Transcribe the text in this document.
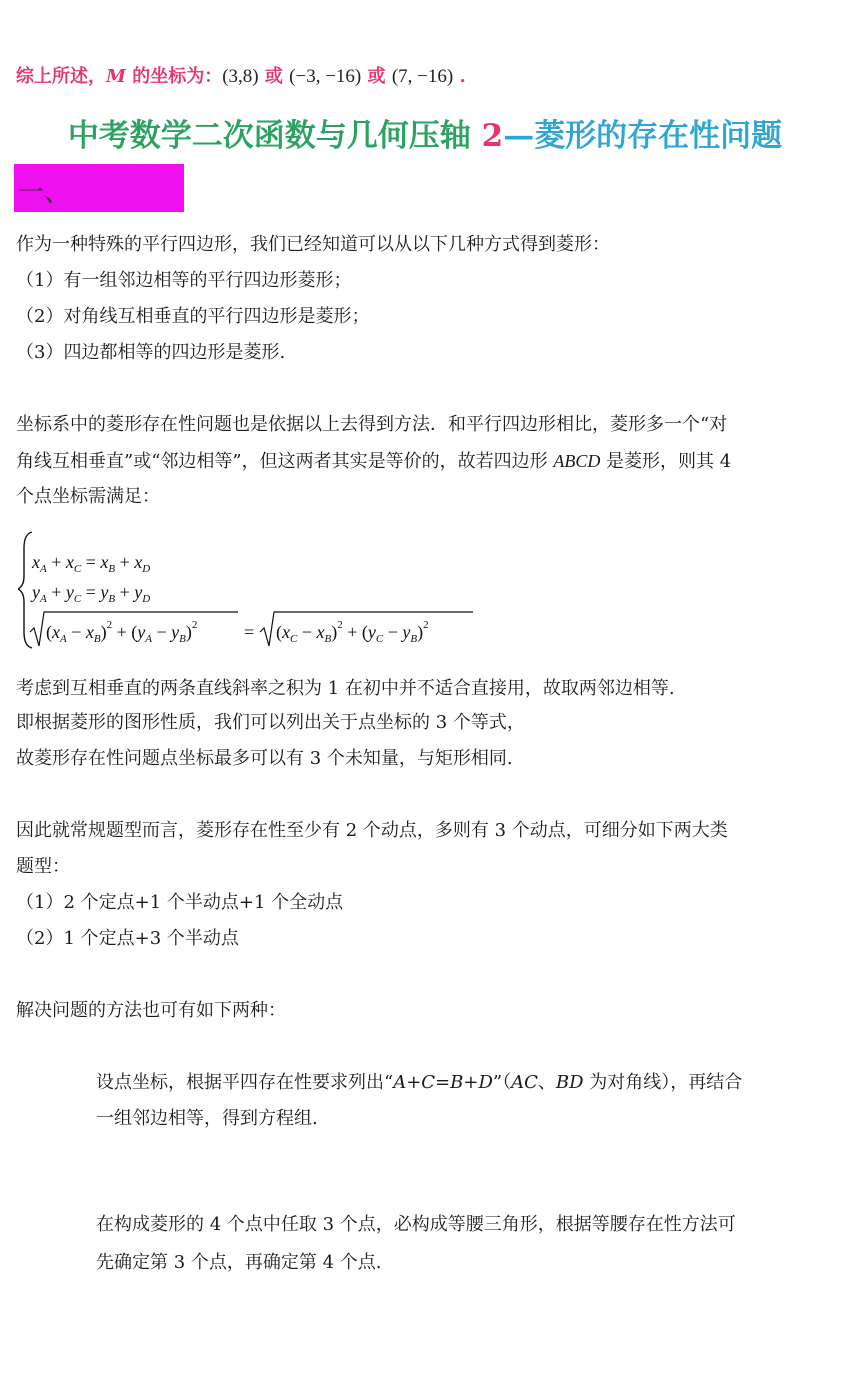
综上所述，M 的坐标为：(3,8) 或 (−3, −16) 或 (7, −16) .
中考数学二次函数与几何压轴 2—菱形的存在性问题
一、
作为一种特殊的平行四边形，我们已经知道可以从以下几种方式得到菱形：
（1）有一组邻边相等的平行四边形菱形；
（2）对角线互相垂直的平行四边形是菱形；
（3）四边都相等的四边形是菱形.
坐标系中的菱形存在性问题也是依据以上去得到方法．和平行四边形相比，菱形多一个“对
角线互相垂直”或“邻边相等”，但这两者其实是等价的，故若四边形 ABCD 是菱形，则其 4
个点坐标需满足：
$x_A + x_C = x_B + x_D$
$y_A + y_C = y_B + y_D$
$(x_A - x_B)^2 + (y_A - y_B)^2$	= $(x_C - x_B)^2 + (y_C - y_B)^2$
考虑到互相垂直的两条直线斜率之积为 1 在初中并不适合直接用，故取两邻边相等.
即根据菱形的图形性质，我们可以列出关于点坐标的 3 个等式，
故菱形存在性问题点坐标最多可以有 3 个未知量，与矩形相同.
因此就常规题型而言，菱形存在性至少有 2 个动点，多则有 3 个动点，可细分如下两大类
题型：
（1）2 个定点+1 个半动点+1 个全动点
（2）1 个定点+3 个半动点
解决问题的方法也可有如下两种：
设点坐标，根据平四存在性要求列出“A+C=B+D”（AC、BD 为对角线），再结合
一组邻边相等，得到方程组.
在构成菱形的 4 个点中任取 3 个点，必构成等腰三角形，根据等腰存在性方法可
先确定第 3 个点，再确定第 4 个点.
